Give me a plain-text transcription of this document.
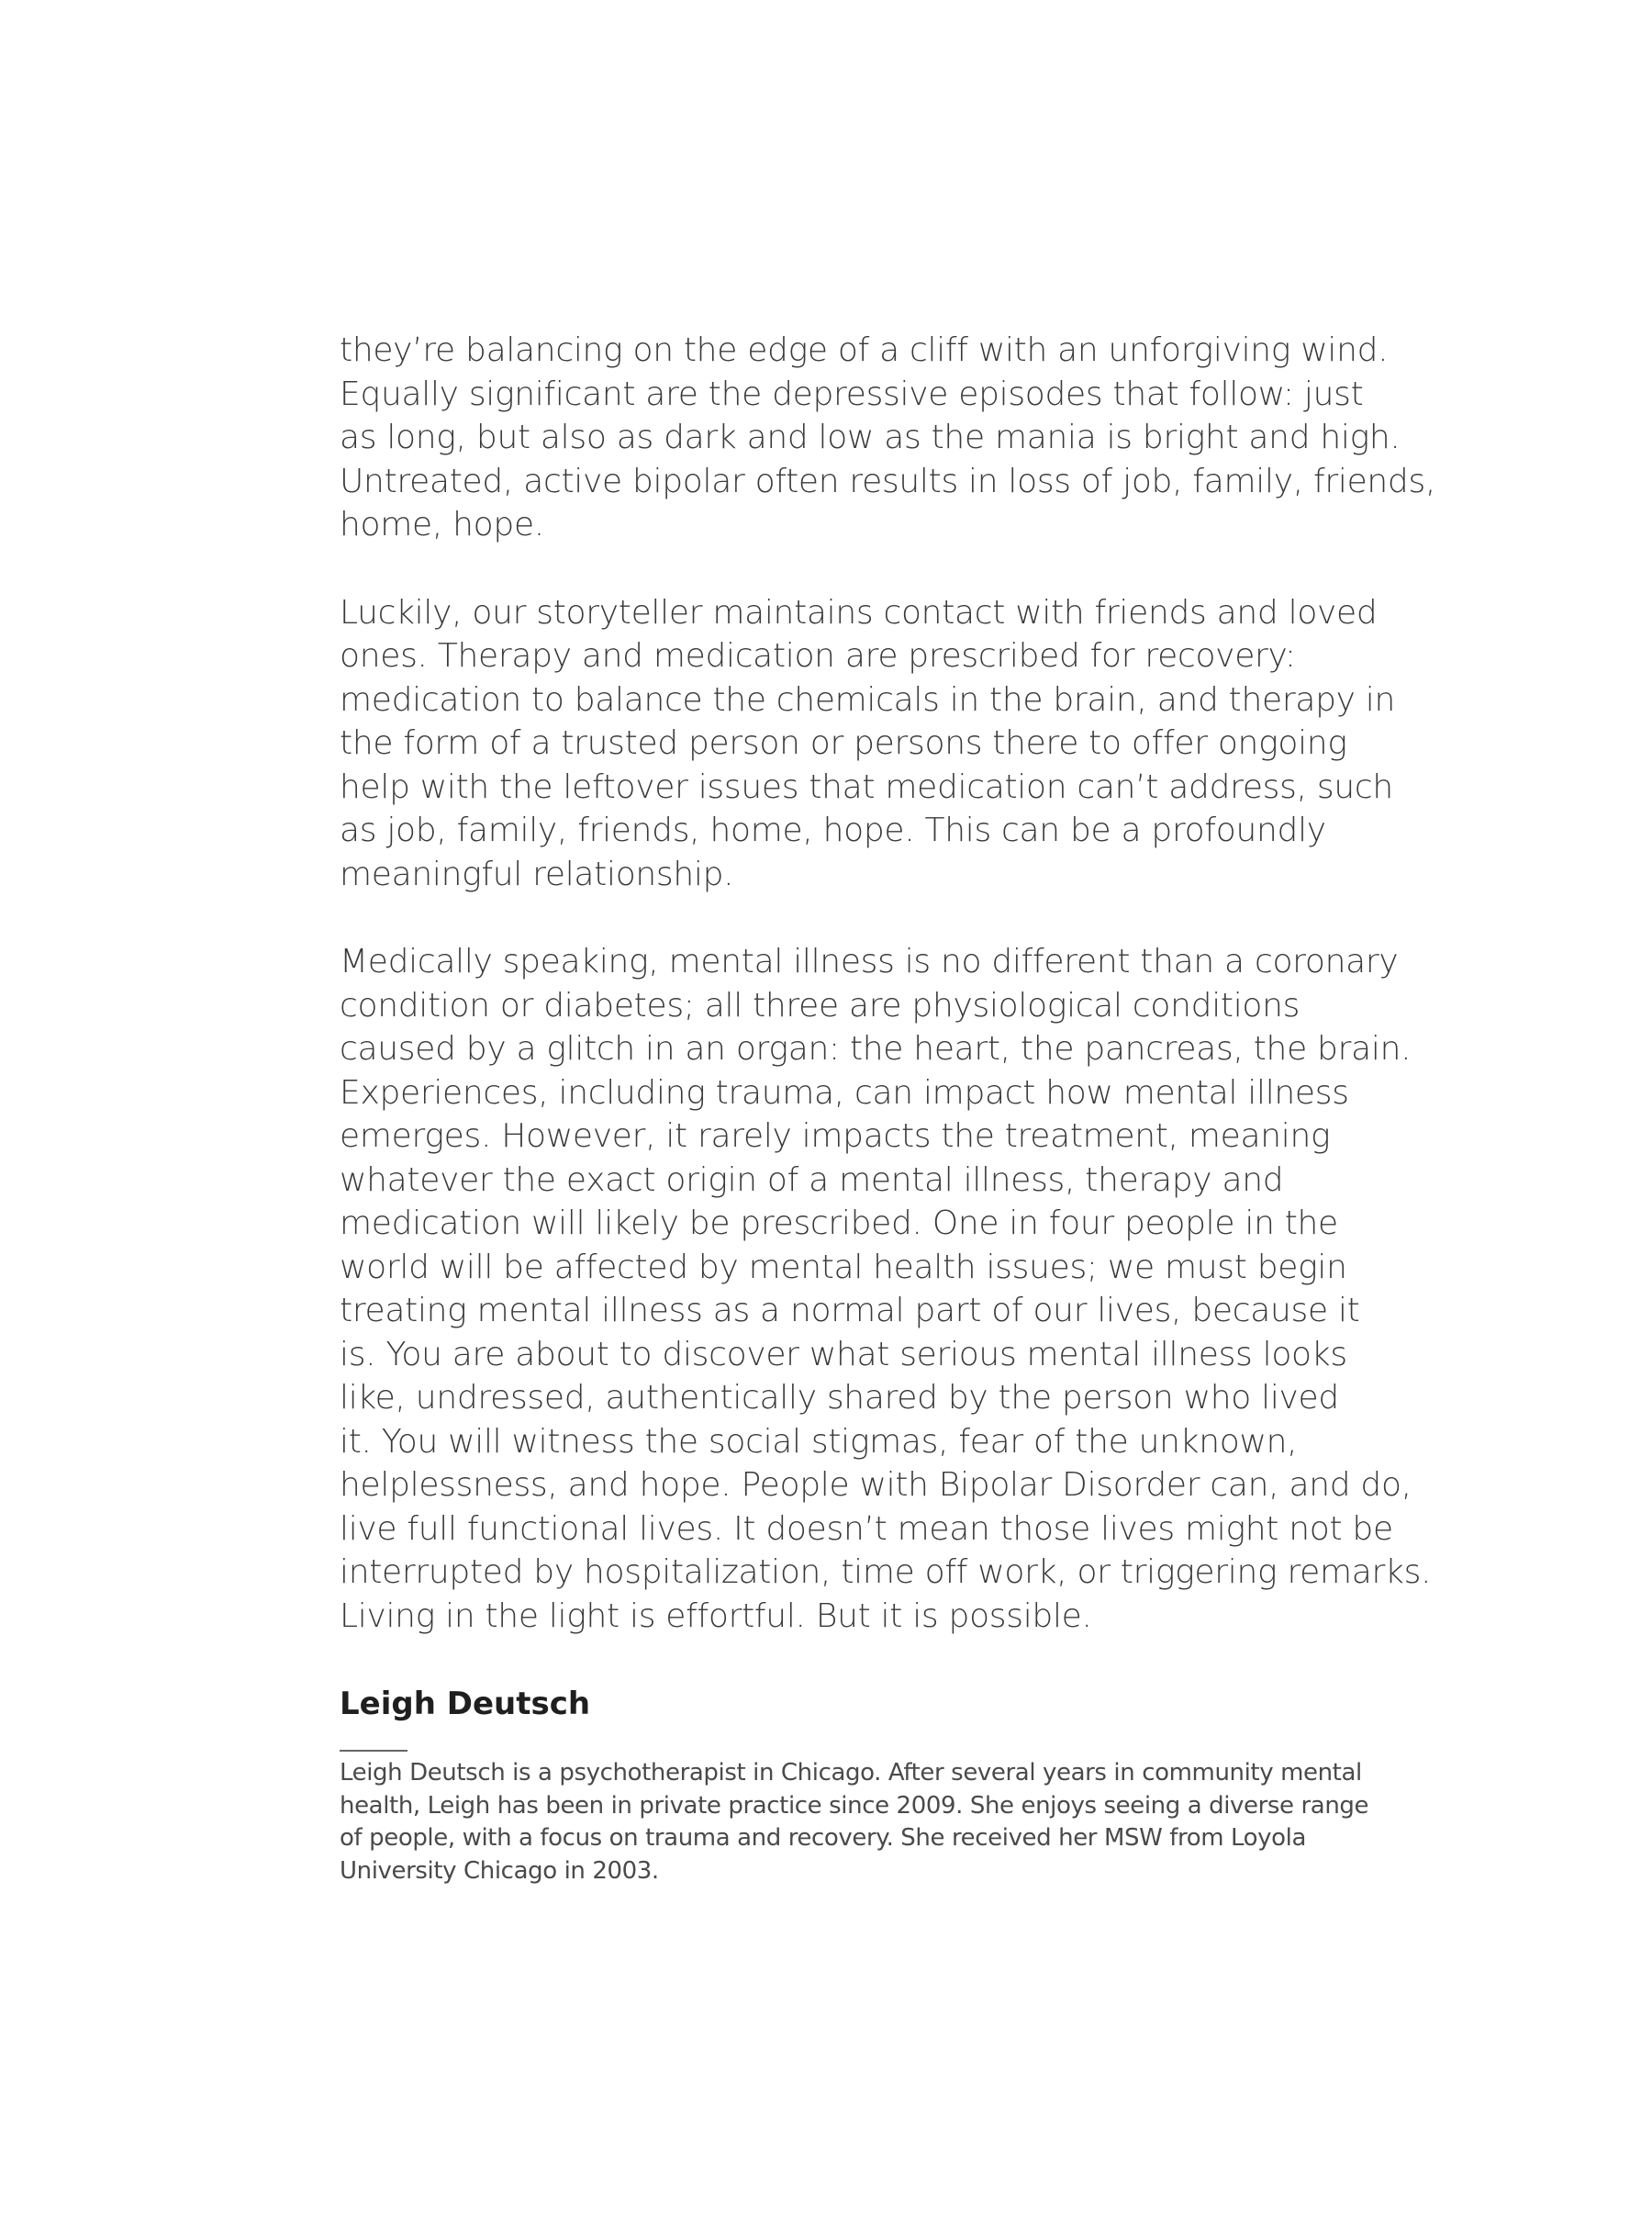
they’re balancing on the edge of a cliff with an unforgiving wind.
Equally significant are the depressive episodes that follow: just
as long, but also as dark and low as the mania is bright and high.
Untreated, active bipolar often results in loss of job, family, friends,
home, hope.
Luckily, our storyteller maintains contact with friends and loved
ones. Therapy and medication are prescribed for recovery:
medication to balance the chemicals in the brain, and therapy in
the form of a trusted person or persons there to offer ongoing
help with the leftover issues that medication can’t address, such
as job, family, friends, home, hope. This can be a profoundly
meaningful relationship.
Medically speaking, mental illness is no different than a coronary
condition or diabetes; all three are physiological conditions
caused by a glitch in an organ: the heart, the pancreas, the brain.
Experiences, including trauma, can impact how mental illness
emerges. However, it rarely impacts the treatment, meaning
whatever the exact origin of a mental illness, therapy and
medication will likely be prescribed. One in four people in the
world will be affected by mental health issues; we must begin
treating mental illness as a normal part of our lives, because it
is. You are about to discover what serious mental illness looks
like, undressed, authentically shared by the person who lived
it. You will witness the social stigmas, fear of the unknown,
helplessness, and hope. People with Bipolar Disorder can, and do,
live full functional lives. It doesn’t mean those lives might not be
interrupted by hospitalization, time off work, or triggering remarks.
Living in the light is effortful. But it is possible.
Leigh Deutsch
Leigh Deutsch is a psychotherapist in Chicago. After several years in community mental
health, Leigh has been in private practice since 2009. She enjoys seeing a diverse range
of people, with a focus on trauma and recovery. She received her MSW from Loyola
University Chicago in 2003.
